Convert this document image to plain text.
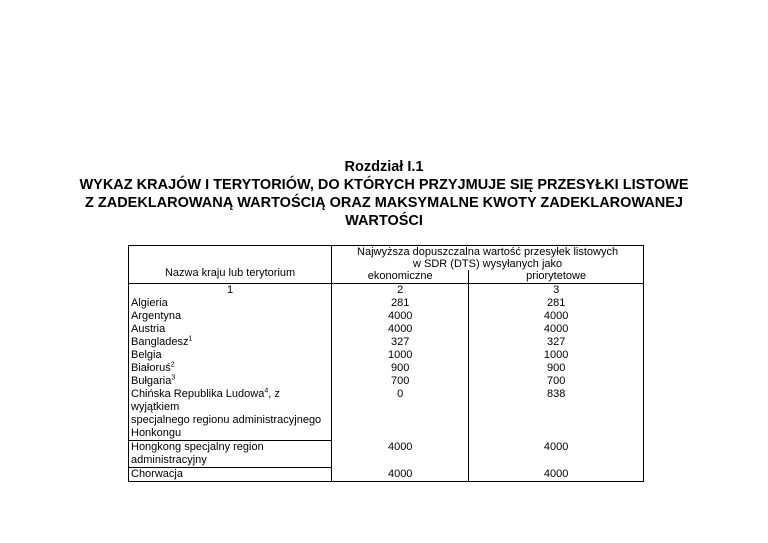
Rozdział I.1
WYKAZ KRAJÓW I TERYTORIÓW, DO KTÓRYCH PRZYJMUJE SIĘ PRZESYŁKI LISTOWE
Z ZADEKLAROWANĄ WARTOŚCIĄ ORAZ MAKSYMALNE KWOTY ZADEKLAROWANEJ
WARTOŚCI
Nazwa kraju lub terytorium	Najwyższa dopuszczalna wartość przesyłek listowych
w SDR (DTS) wysyłanych jako	

	ekonomiczne	priorytetowe
1	2	3
Algieria	281	281
Argentyna	4000	4000
Austria	4000	4000
Bangladesz$^1$	327	327
Belgia	1000	1000
Białoruś$^2$	900	900
Bułgaria$^3$	700	700

Chińska Republika Ludowa$^4$, z wyjątkiem
specjalnego regionu administracyjnego
Honkongu	0	838
Hongkong specjalny region administracyjny	4000	4000
Chorwacja	4000	4000
